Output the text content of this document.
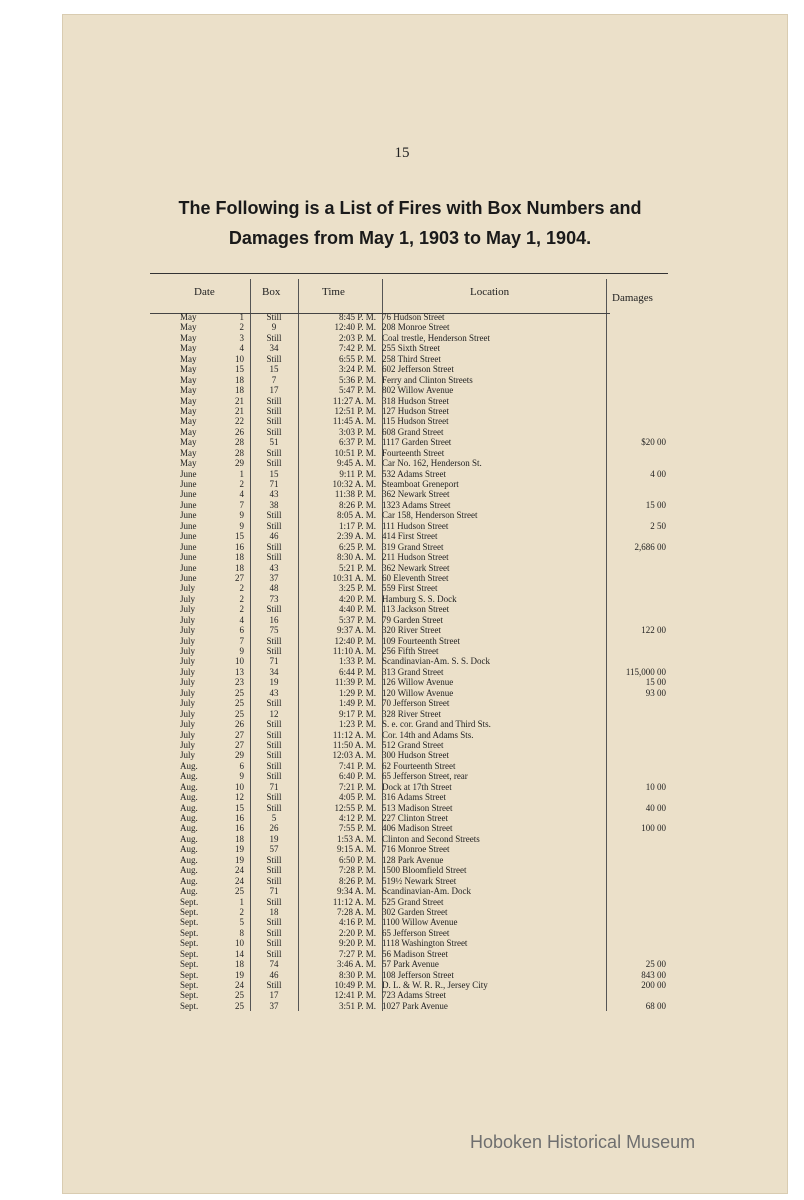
15
The Following is a List of Fires with Box Numbers and
Damages from May 1, 1903 to May 1, 1904.
Date	Box	Time	Location	Damages
May	1	Still	8:45 P. M. 76 Hudson Street
May	2	9	12:40 P. M. 208 Monroe Street
May	3	Still	2:03 P. M. Coal trestle, Henderson Street
May	4	34	7:42 P. M. 255 Sixth Street
May	10	Still	6:55 P. M. 258 Third Street
May	15	15	3:24 P. M. 602 Jefferson Street
May	18	7	5:36 P. M. Ferry and Clinton Streets
May	18	17	5:47 P. M. 802 Willow Avenue
May	21	Still	11:27 A. M. 318 Hudson Street
May	21	Still	12:51 P. M. 127 Hudson Street
May	22	Still	11:45 A. M. 115 Hudson Street
May	26	Still	3:03 P. M. 608 Grand Street
May	28	51	6:37 P. M. 1117 Garden Street	$20 00
May	28	Still	10:51 P. M. Fourteenth Street
May	29	Still	9:45 A. M. Car No. 162, Henderson St.
June	1	15	9:11 P. M. 532 Adams Street	4 00
June	2	71	10:32 A. M. Steamboat Greneport
June	4	43	11:38 P. M. 362 Newark Street
June	7	38	8:26 P. M. 1323 Adams Street	15 00
June	9	Still	8:05 A. M. Car 158, Henderson Street
June	9	Still	1:17 P. M. 111 Hudson Street	2 50
June	15	46	2:39 A. M. 414 First Street
June	16	Still	6:25 P. M. 319 Grand Street	2,686 00
June	18	Still	8:30 A. M. 211 Hudson Street
June	18	43	5:21 P. M. 362 Newark Street
June	27	37	10:31 A. M. 60 Eleventh Street
July	2	48	3:25 P. M. 559 First Street
July	2	73	4:20 P. M. Hamburg S. S. Dock
July	2	Still	4:40 P. M. 113 Jackson Street
July	4	16	5:37 P. M. 79 Garden Street
July	6	75	9:37 A. M. 320 River Street	122 00
July	7	Still	12:40 P. M. 109 Fourteenth Street
July	9	Still	11:10 A. M. 256 Fifth Street
July	10	71	1:33 P. M. Scandinavian-Am. S. S. Dock
July	13	34	6:44 P. M. 313 Grand Street	115,000 00
July	23	19	11:39 P. M. 126 Willow Avenue	15 00
July	25	43	1:29 P. M. 120 Willow Avenue	93 00
July	25	Still	1:49 P. M. 70 Jefferson Street
July	25	12	9:17 P. M. 328 River Street
July	26	Still	1:23 P. M. S. e. cor. Grand and Third Sts.
July	27	Still	11:12 A. M. Cor. 14th and Adams Sts.
July	27	Still	11:50 A. M. 512 Grand Street
July	29	Still	12:03 A. M. 300 Hudson Street
Aug.	6	Still	7:41 P. M. 62 Fourteenth Street
Aug.	9	Still	6:40 P. M. 65 Jefferson Street, rear
Aug.	10	71	7:21 P. M. Dock at 17th Street	10 00
Aug.	12	Still	4:05 P. M. 316 Adams Street
Aug.	15	Still	12:55 P. M. 513 Madison Street	40 00
Aug.	16	5	4:12 P. M. 227 Clinton Street
Aug.	16	26	7:55 P. M. 406 Madison Street	100 00
Aug.	18	19	1:53 A. M. Clinton and Second Streets
Aug.	19	57	9:15 A. M. 716 Monroe Street
Aug.	19	Still	6:50 P. M. 128 Park Avenue
Aug.	24	Still	7:28 P. M. 1500 Bloomfield Street
Aug.	24	Still	8:26 P. M. 519½ Newark Street
Aug.	25	71	9:34 A. M. Scandinavian-Am. Dock
Sept.	1	Still	11:12 A. M. 525 Grand Street
Sept.	2	18	7:28 A. M. 302 Garden Street
Sept.	5	Still	4:16 P. M. 1100 Willow Avenue
Sept.	8	Still	2:20 P. M. 65 Jefferson Street
Sept.	10	Still	9:20 P. M. 1118 Washington Street
Sept.	14	Still	7:27 P. M. 56 Madison Street
Sept.	18	74	3:46 A. M. 57 Park Avenue	25 00
Sept.	19	46	8:30 P. M. 108 Jefferson Street	843 00
Sept.	24	Still	10:49 P. M. D. L. & W. R. R., Jersey City	200 00
Sept.	25	17	12:41 P. M. 723 Adams Street
Sept.	25	37	3:51 P. M. 1027 Park Avenue	68 00
Hoboken Historical Museum
